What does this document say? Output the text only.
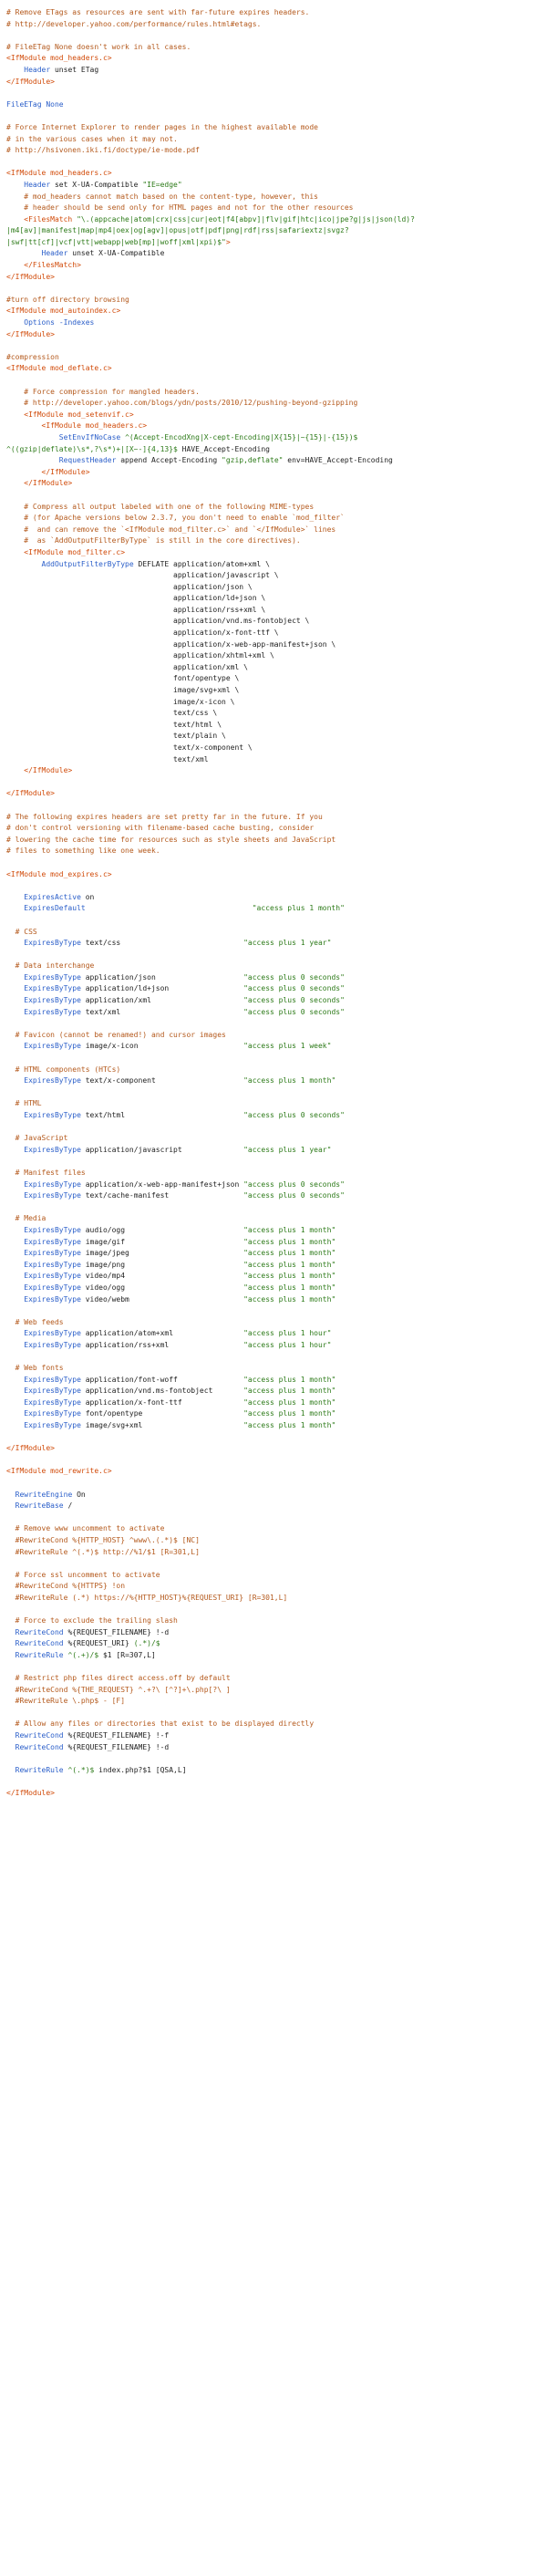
# Remove ETags as resources are sent with far-future expires headers.
# http://developer.yahoo.com/performance/rules.html#etags.

# FileETag None doesn't work in all cases.
<IfModule mod_headers.c>
Header unset ETag
</IfModule>

FileETag None

# Force Internet Explorer to render pages in the highest available mode
# in the various cases when it may not.
# http://hsivonen.iki.fi/doctype/ie-mode.pdf

<IfModule mod_headers.c>
Header set X-UA-Compatible "IE=edge"
# mod_headers cannot match based on the content-type, however, this
# header should be send only for HTML pages and not for the other resources
<FilesMatch "\.(appcache|atom|crx|css|cur|eot|f4[abpv]|flv|gif|htc|ico|jpe?g|js|json(ld)?
|m4[av]|manifest|map|mp4|oex|og[agv]|opus|otf|pdf|png|rdf|rss|safariextz|svgz?
|swf|tt[cf]|vcf|vtt|webapp|web[mp]|woff|xml|xpi)$">
Header unset X-UA-Compatible
</FilesMatch>
</IfModule>

#turn off directory browsing
<IfModule mod_autoindex.c>
Options -Indexes
</IfModule>

#compression
<IfModule mod_deflate.c>

# Force compression for mangled headers.
# http://developer.yahoo.com/blogs/ydn/posts/2010/12/pushing-beyond-gzipping
<IfModule mod_setenvif.c>
<IfModule mod_headers.c>
SetEnvIfNoCase ^(Accept-EncodXng|X-cept-Encoding|X{15}|~{15}|-{15})$
^((gzip|deflate)\s*,?\s*)+|[X~-]{4,13}$ HAVE_Accept-Encoding
RequestHeader append Accept-Encoding "gzip,deflate" env=HAVE_Accept-Encoding
</IfModule>
</IfModule>

# Compress all output labeled with one of the following MIME-types
# (for Apache versions below 2.3.7, you don't need to enable `mod_filter`
#  and can remove the `<IfModule mod_filter.c>` and `</IfModule>` lines
#  as `AddOutputFilterByType` is still in the core directives).
<IfModule mod_filter.c>
AddOutputFilterByType DEFLATE application/atom+xml \
application/javascript \
application/json \
application/ld+json \
application/rss+xml \
application/vnd.ms-fontobject \
application/x-font-ttf \
application/x-web-app-manifest+json \
application/xhtml+xml \
application/xml \
font/opentype \
image/svg+xml \
image/x-icon \
text/css \
text/html \
text/plain \
text/x-component \
text/xml
</IfModule>

</IfModule>

# The following expires headers are set pretty far in the future. If you
# don't control versioning with filename-based cache busting, consider
# lowering the cache time for resources such as style sheets and JavaScript
# files to something like one week.

<IfModule mod_expires.c>

ExpiresActive on
ExpiresDefault	"access plus 1 month"

# CSS
ExpiresByType text/css                            "access plus 1 year"

# Data interchange
ExpiresByType application/json                    "access plus 0 seconds"
ExpiresByType application/ld+json                 "access plus 0 seconds"
ExpiresByType application/xml                     "access plus 0 seconds"
ExpiresByType text/xml                            "access plus 0 seconds"

# Favicon (cannot be renamed!) and cursor images
ExpiresByType image/x-icon                        "access plus 1 week"

# HTML components (HTCs)
ExpiresByType text/x-component                    "access plus 1 month"

# HTML
ExpiresByType text/html                           "access plus 0 seconds"

# JavaScript
ExpiresByType application/javascript              "access plus 1 year"

# Manifest files
ExpiresByType application/x-web-app-manifest+json "access plus 0 seconds"
ExpiresByType text/cache-manifest                 "access plus 0 seconds"

# Media
ExpiresByType audio/ogg                           "access plus 1 month"
ExpiresByType image/gif                           "access plus 1 month"
ExpiresByType image/jpeg                          "access plus 1 month"
ExpiresByType image/png                           "access plus 1 month"
ExpiresByType video/mp4                           "access plus 1 month"
ExpiresByType video/ogg                           "access plus 1 month"
ExpiresByType video/webm                          "access plus 1 month"

# Web feeds
ExpiresByType application/atom+xml                "access plus 1 hour"
ExpiresByType application/rss+xml                 "access plus 1 hour"

# Web fonts
ExpiresByType application/font-woff               "access plus 1 month"
ExpiresByType application/vnd.ms-fontobject       "access plus 1 month"
ExpiresByType application/x-font-ttf              "access plus 1 month"
ExpiresByType font/opentype                       "access plus 1 month"
ExpiresByType image/svg+xml                       "access plus 1 month"

</IfModule>

<IfModule mod_rewrite.c>

RewriteEngine On
RewriteBase /

# Remove www uncomment to activate
#RewriteCond %{HTTP_HOST} ^www\.(.*)$ [NC]
#RewriteRule ^(.*)$ http://%1/$1 [R=301,L]

# Force ssl uncomment to activate
#RewriteCond %{HTTPS} !on
#RewriteRule (.*) https://%{HTTP_HOST}%{REQUEST_URI} [R=301,L]

# Force to exclude the trailing slash
RewriteCond %{REQUEST_FILENAME} !-d
RewriteCond %{REQUEST_URI} (.*)/$
RewriteRule ^(.+)/$ $1 [R=307,L]

# Restrict php files direct access.off by default
#RewriteCond %{THE_REQUEST} ^.+?\ [^?]+\.php[?\ ]
#RewriteRule \.php$ - [F]

# Allow any files or directories that exist to be displayed directly
RewriteCond %{REQUEST_FILENAME} !-f
RewriteCond %{REQUEST_FILENAME} !-d

RewriteRule ^(.*)$ index.php?$1 [QSA,L]

</IfModule>
